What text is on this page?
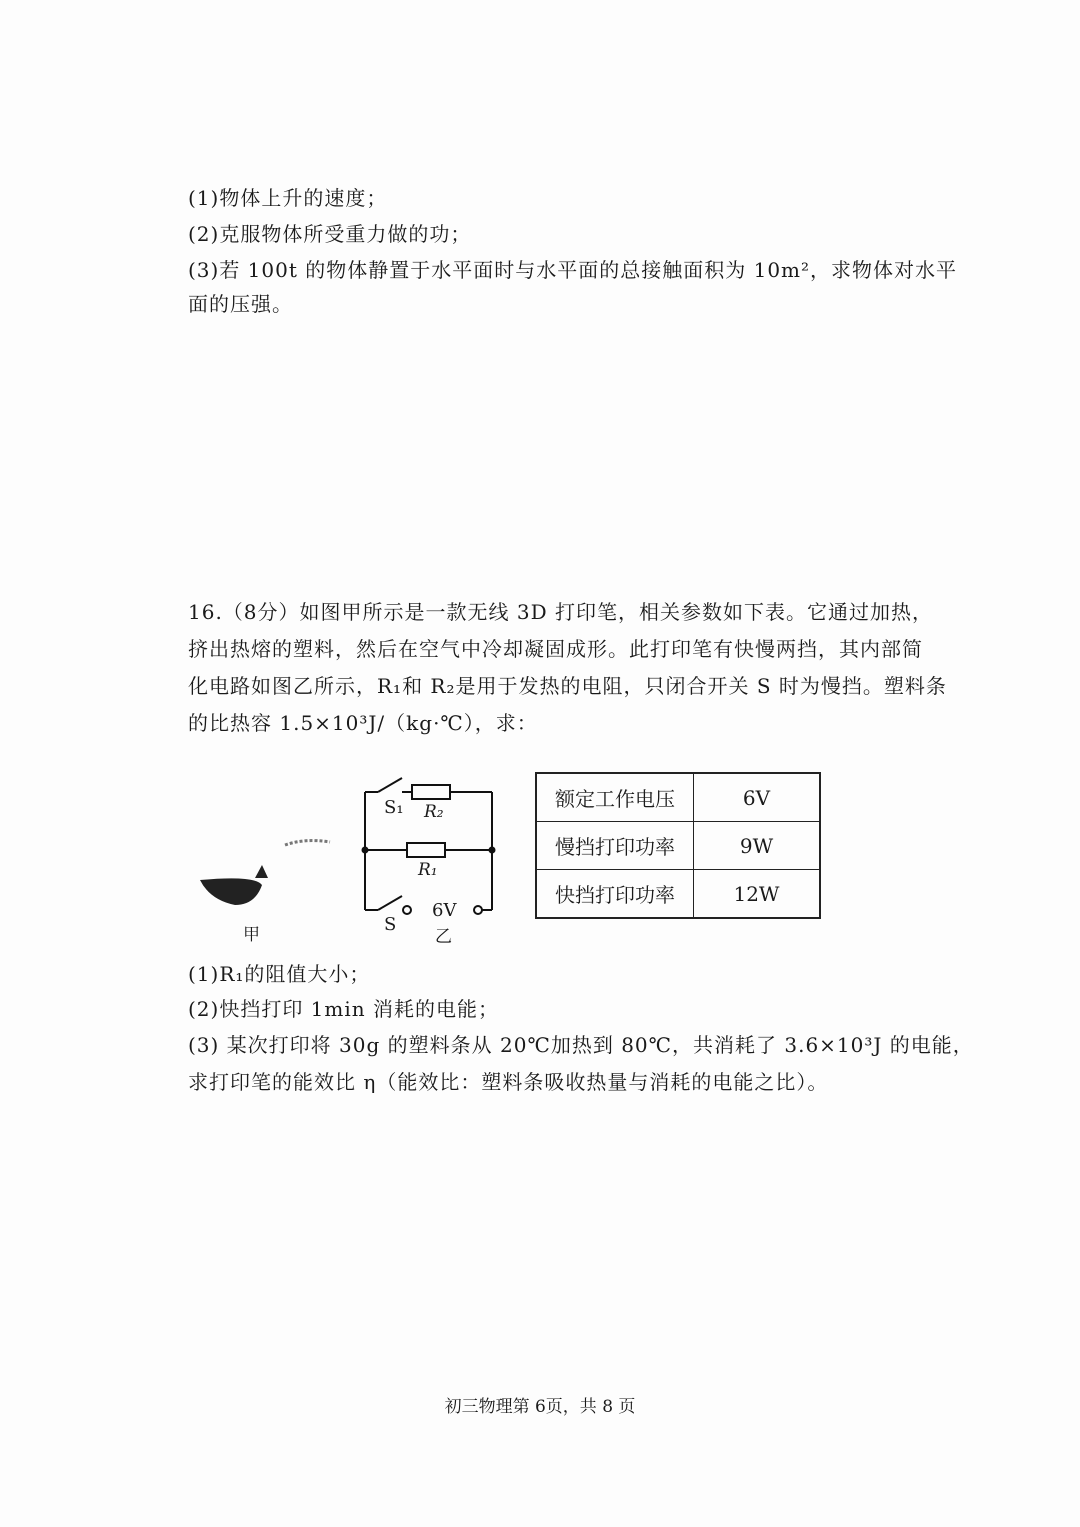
(1)物体上升的速度；
(2)克服物体所受重力做的功；
(3)若 100t 的物体静置于水平面时与水平面的总接触面积为 10m²，求物体对水平
面的压强。
16.（8分）如图甲所示是一款无线 3D 打印笔，相关参数如下表。它通过加热，
挤出热熔的塑料，然后在空气中冷却凝固成形。此打印笔有快慢两挡，其内部简
化电路如图乙所示，R₁和 R₂是用于发热的电阻，只闭合开关 S 时为慢挡。塑料条
的比热容 1.5×10³J/（kg·℃），求：
甲
S₁ R₂
R₁
S
6V
乙
额定工作电压	6V
慢挡打印功率	9W
快挡打印功率	12W
(1)R₁的阻值大小；
(2)快挡打印 1min 消耗的电能；
(3) 某次打印将 30g 的塑料条从 20℃加热到 80℃，共消耗了 3.6×10³J 的电能，
求打印笔的能效比 η（能效比：塑料条吸收热量与消耗的电能之比）。
初三物理第 6页，共 8 页
